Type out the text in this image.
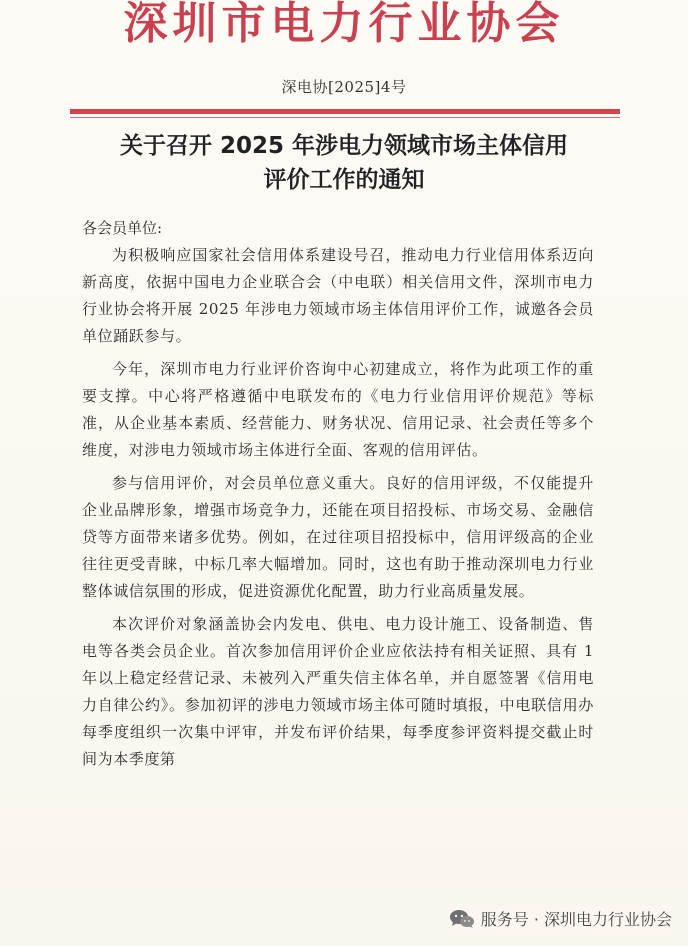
深圳市电力行业协会
深电协[2025]4号
关于召开 2025 年涉电力领域市场主体信用
评价工作的通知
各会员单位:

为积极响应国家社会信用体系建设号召，推动电力行业信用体系迈向新高度，依据中国电力企业联合会（中电联）相关信用文件，深圳市电力行业协会将开展 2025 年涉电力领域市场主体信用评价工作，诚邀各会员单位踊跃参与。

今年，深圳市电力行业评价咨询中心初建成立，将作为此项工作的重要支撑。中心将严格遵循中电联发布的《电力行业信用评价规范》等标准，从企业基本素质、经营能力、财务状况、信用记录、社会责任等多个维度，对涉电力领域市场主体进行全面、客观的信用评估。

参与信用评价，对会员单位意义重大。良好的信用评级，不仅能提升企业品牌形象，增强市场竞争力，还能在项目招投标、市场交易、金融信贷等方面带来诸多优势。例如，在过往项目招投标中，信用评级高的企业往往更受青睐，中标几率大幅增加。同时，这也有助于推动深圳电力行业整体诚信氛围的形成，促进资源优化配置，助力行业高质量发展。

本次评价对象涵盖协会内发电、供电、电力设计施工、设备制造、售电等各类会员企业。首次参加信用评价企业应依法持有相关证照、具有 1 年以上稳定经营记录、未被列入严重失信主体名单，并自愿签署《信用电力自律公约》。参加初评的涉电力领域市场主体可随时填报，中电联信用办每季度组织一次集中评审，并发布评价结果，每季度参评资料提交截止时间为本季度第

服务号 · 深圳电力行业协会
